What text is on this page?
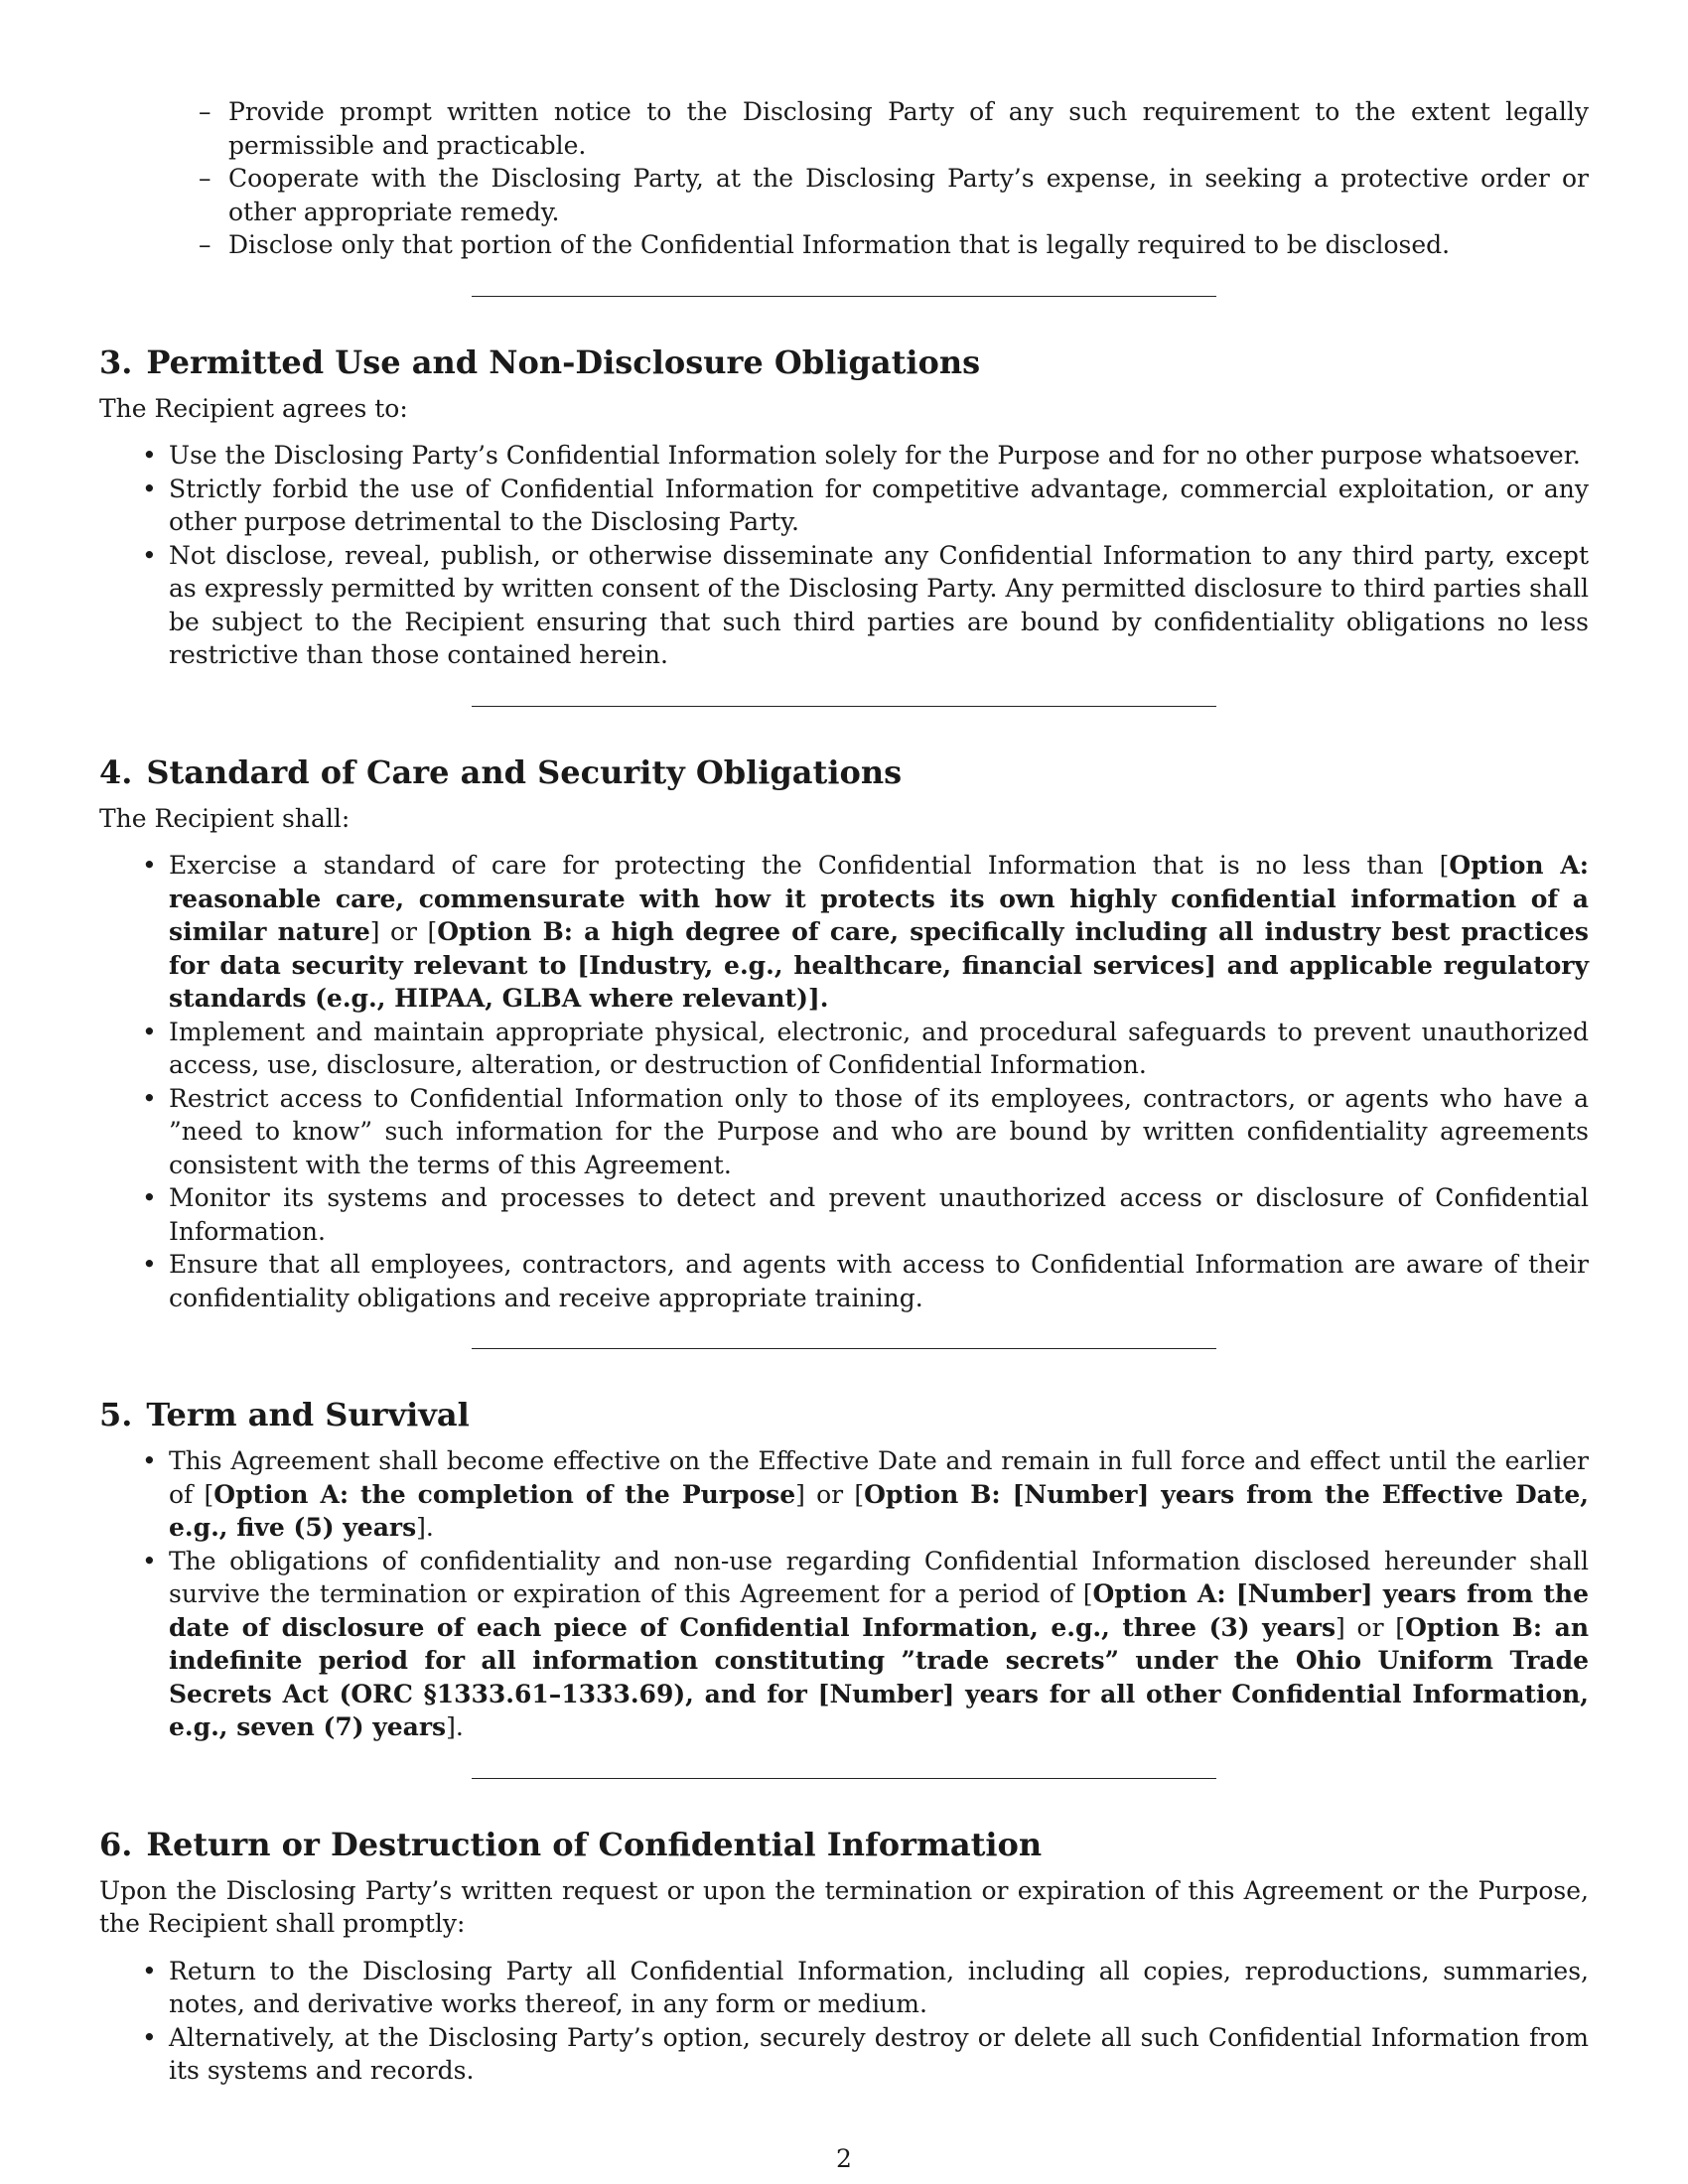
– Provide prompt written notice to the Disclosing Party of any such requirement to the extent legally permissible and practicable.
– Cooperate with the Disclosing Party, at the Disclosing Party’s expense, in seeking a protective order or other appropriate remedy.
– Disclose only that portion of the Confidential Information that is legally required to be disclosed.
3. Permitted Use and Non-Disclosure Obligations

The Recipient agrees to:

• Use the Disclosing Party’s Confidential Information solely for the Purpose and for no other purpose whatsoever.
• Strictly forbid the use of Confidential Information for competitive advantage, commercial exploitation, or any other purpose detrimental to the Disclosing Party.
• Not disclose, reveal, publish, or otherwise disseminate any Confidential Information to any third party, except as expressly permitted by written consent of the Disclosing Party. Any permitted disclosure to third parties shall be subject to the Recipient ensuring that such third parties are bound by confidentiality obligations no less restrictive than those contained herein.
4. Standard of Care and Security Obligations

The Recipient shall:

• Exercise a standard of care for protecting the Confidential Information that is no less than [Option A: reasonable care, commensurate with how it protects its own highly confidential information of a similar nature] or [Option B: a high degree of care, specifically including all industry best practices for data security relevant to [Industry, e.g., healthcare, financial services] and applicable regulatory standards (e.g., HIPAA, GLBA where relevant)].
• Implement and maintain appropriate physical, electronic, and procedural safeguards to prevent unauthorized access, use, disclosure, alteration, or destruction of Confidential Information.
• Restrict access to Confidential Information only to those of its employees, contractors, or agents who have a ”need to know” such information for the Purpose and who are bound by written confidentiality agreements consistent with the terms of this Agreement.
• Monitor its systems and processes to detect and prevent unauthorized access or disclosure of Confidential Information.
• Ensure that all employees, contractors, and agents with access to Confidential Information are aware of their confidentiality obligations and receive appropriate training.
5. Term and Survival
• This Agreement shall become effective on the Effective Date and remain in full force and effect until the earlier of [Option A: the completion of the Purpose] or [Option B: [Number] years from the Effective Date, e.g., five (5) years].
• The obligations of confidentiality and non-use regarding Confidential Information disclosed hereunder shall survive the termination or expiration of this Agreement for a period of [Option A: [Number] years from the date of disclosure of each piece of Confidential Information, e.g., three (3) years] or [Option B: an indefinite period for all information constituting ”trade secrets” under the Ohio Uniform Trade Secrets Act (ORC §1333.61–1333.69), and for [Number] years for all other Confidential Information, e.g., seven (7) years].
6. Return or Destruction of Confidential Information

Upon the Disclosing Party’s written request or upon the termination or expiration of this Agreement or the Purpose, the Recipient shall promptly:

• Return to the Disclosing Party all Confidential Information, including all copies, reproductions, summaries, notes, and derivative works thereof, in any form or medium.
• Alternatively, at the Disclosing Party’s option, securely destroy or delete all such Confidential Information from its systems and records.
2
